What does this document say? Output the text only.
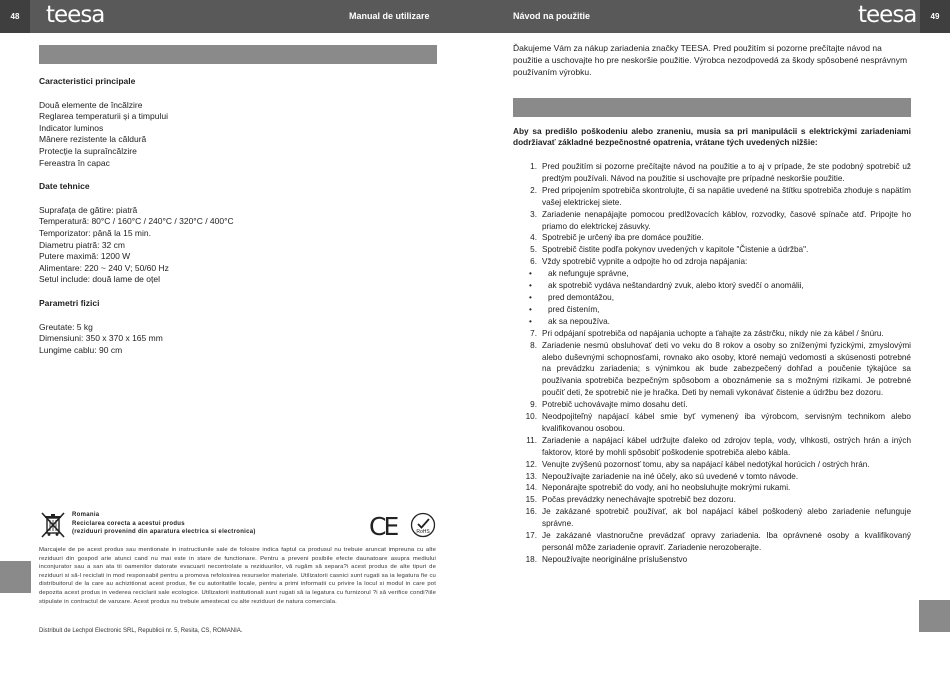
48	49
teesa	teesa
Manual de utilizare	Návod na použitie
Caracteristici principale
Două elemente de încălzire
Reglarea temperaturii și a timpului
Indicator luminos
Mânere rezistente la căldură
Protecție la supraîncălzire
Fereastra în capac
Date tehnice
Suprafața de gătire: piatră
Temperatură: 80°C / 160°C / 240°C / 320°C / 400°C
Temporizator: până la 15 min.
Diametru piatră: 32 cm
Putere maximă: 1200 W
Alimentare: 220 ~ 240 V; 50/60 Hz
Setul include: două lame de oțel
Parametri fizici
Greutate: 5 kg
Dimensiuni: 350 x 370 x 165 mm
Lungime cablu: 90 cm
Romania
Reciclarea corecta a acestui produs
(reziduuri provenind din aparatura electrica si electronica)	CE	RoHS
Marcajele de pe acest produs sau mentionate in instructiunile sale de folosire indica faptul ca produsul nu trebuie aruncat impreuna cu alte reziduuri din gospod arie atunci cand nu mai este in stare de functionare. Pentru a preveni posibile efecte daunatoare asupra mediului inconjurator sau a san ata tii oamenilor datorate evacuarii necontrolate a reziduurilor, vă rugăm să separa?i acest produs de alte tipuri de reziduuri si să-l reciclati in mod responsabil pentru a promova refolosirea resurselor materiale. Utilizatorii casnici sunt rugati sa ia legatura fie cu distribuitorul de la care au achizitionat acest produs, fie cu autoritatile locale, pentru a primi informatii cu privire la locul si modul in care pot depozita acest produs in vederea reciclarii sale ecologice. Utilizatorii institutionali sunt rugati să ia legatura cu furnizorul ?i să verifice condi?iile stipulate in contractul de vanzare. Acest produs nu trebuie amestecat cu alte reziduuri de natura comerciala.
Distribuit de Lechpol Electronic SRL, Republicii nr. 5, Resita, CS, ROMANIA.
Ďakujeme Vám za nákup zariadenia značky TEESA. Pred použitím si pozorne prečítajte návod na použitie a uschovajte ho pre neskoršie použitie. Výrobca nezodpovedá za škody spôsobené nesprávnym používaním výrobku.
Aby sa predišlo poškodeniu alebo zraneniu, musia sa pri manipulácii s elektrickými zariadeniami dodržiavať základné bezpečnostné opatrenia, vrátane tých uvedených nižšie:
1. Pred použitím si pozorne prečítajte návod na použitie a to aj v prípade, že ste podobný spotrebič už predtým používali. Návod na použitie si uschovajte pre prípadné neskoršie použitie.
2. Pred pripojením spotrebiča skontrolujte, či sa napätie uvedené na štítku spotrebiča zhoduje s napätím vašej elektrickej siete.
3. Zariadenie nenapájajte pomocou predlžovacích káblov, rozvodky, časové spínače atď. Pripojte ho priamo do elektrickej zásuvky.
4. Spotrebič je určený iba pre domáce použitie.
5. Spotrebič čistite podľa pokynov uvedených v kapitole "Čistenie a údržba".
6. Vždy spotrebič vypnite a odpojte ho od zdroja napájania:
•	ak nefunguje správne,
•	ak spotrebič vydáva neštandardný zvuk, alebo ktorý svedčí o anomálii,
•	pred demontážou,
•	pred čistením,
•	ak sa nepoužíva.
7. Pri odpájaní spotrebiča od napájania uchopte a ťahajte za zástrčku, nikdy nie za kábel / šnúru.
8. Zariadenie nesmú obsluhovať deti vo veku do 8 rokov a osoby so zníženými fyzickými, zmyslovými alebo duševnými schopnosťami, rovnako ako osoby, ktoré nemajú vedomosti a skúsenosti potrebné na prevádzku zariadenia; s výnimkou ak bude zabezpečený dohľad a poučenie týkajúce sa používania spotrebiča bezpečným spôsobom a oboznámenie sa s možnými rizikami. Je potrebné poučiť deti, že spotrebič nie je hračka. Deti by nemali vykonávať čistenie a údržbu bez dozoru.
9. Potrebič uchovávajte mimo dosahu detí.
10. Neodpojiteľný napájací kábel smie byť vymenený iba výrobcom, servisným technikom alebo kvalifikovanou osobou.
11. Zariadenie a napájací kábel udržujte ďaleko od zdrojov tepla, vody, vlhkosti, ostrých hrán a iných faktorov, ktoré by mohli spôsobiť poškodenie spotrebiča alebo kábla.
12. Venujte zvýšenú pozornosť tomu, aby sa napájací kábel nedotýkal horúcich / ostrých hrán.
13. Nepoužívajte zariadenie na iné účely, ako sú uvedené v tomto návode.
14. Neponárajte spotrebič do vody, ani ho neobsluhujte mokrými rukami.
15. Počas prevádzky nenechávajte spotrebič bez dozoru.
16. Je zakázané spotrebič používať, ak bol napájací kábel poškodený alebo zariadenie nefunguje správne.
17. Je zakázané vlastnoručne prevádzať opravy zariadenia. Iba oprávnené osoby a kvalifikovaný personál môže zariadenie opraviť. Zariadenie nerozoberajte.
18. Nepoužívajte neoriginálne príslušenstvo
